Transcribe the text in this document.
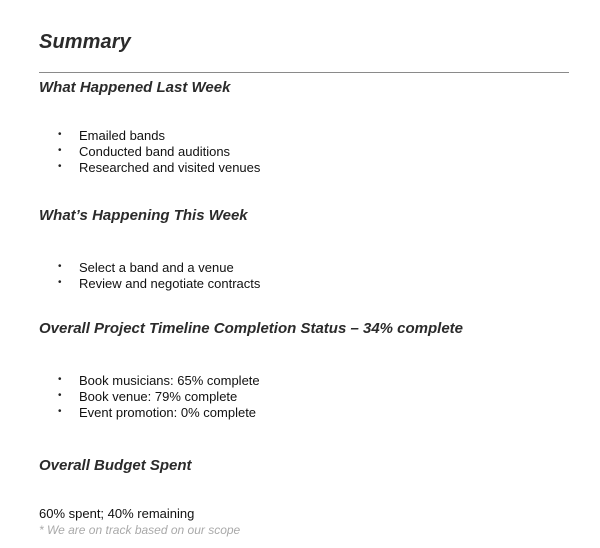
Summary
What Happened Last Week
• Emailed bands
• Conducted band auditions
• Researched and visited venues
What’s Happening This Week
• Select a band and a venue
• Review and negotiate contracts
Overall Project Timeline Completion Status – 34% complete
• Book musicians: 65% complete
• Book venue: 79% complete
• Event promotion: 0% complete
Overall Budget Spent
60% spent; 40% remaining
* We are on track based on our scope
